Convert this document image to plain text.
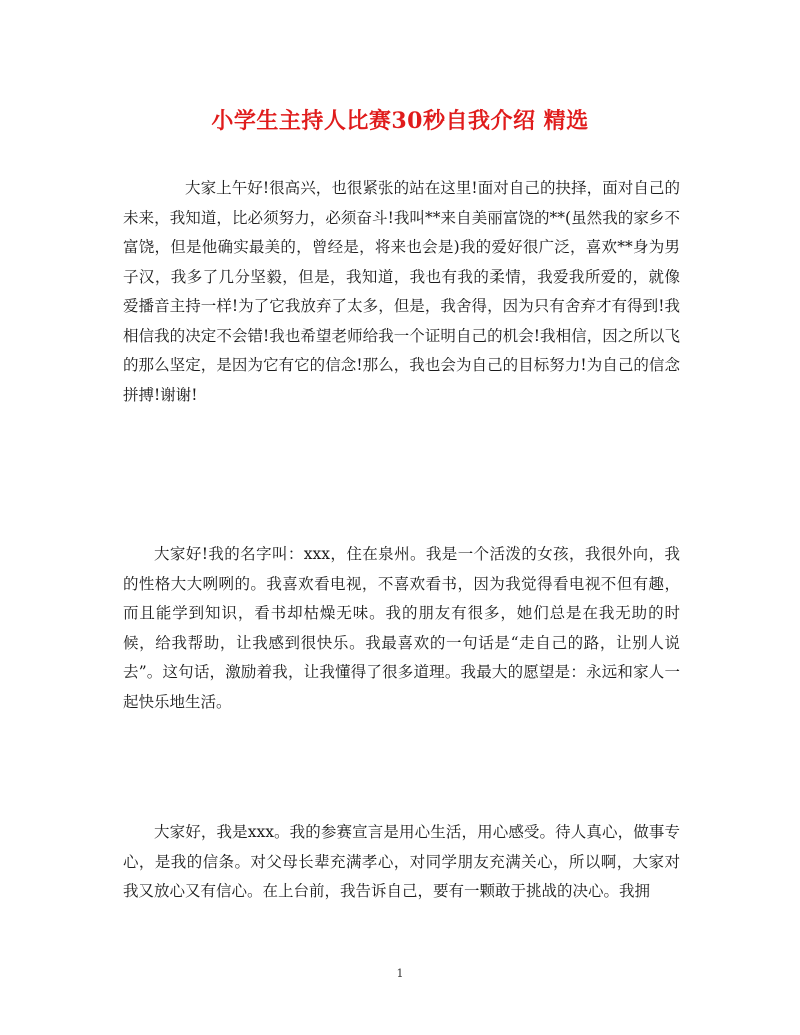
小学生主持人比赛30秒自我介绍 精选

大家上午好!很高兴，也很紧张的站在这里!面对自己的抉择，面对自己的未来，我知道，比必须努力，必须奋斗!我叫**来自美丽富饶的**(虽然我的家乡不富饶，但是他确实最美的，曾经是，将来也会是)我的爱好很广泛，喜欢**身为男子汉，我多了几分坚毅，但是，我知道，我也有我的柔情，我爱我所爱的，就像爱播音主持一样!为了它我放弃了太多，但是，我舍得，因为只有舍弃才有得到!我相信我的决定不会错!我也希望老师给我一个证明自己的机会!我相信，因之所以飞的那么坚定，是因为它有它的信念!那么，我也会为自己的目标努力!为自己的信念拼搏!谢谢!

大家好!我的名字叫：xxx，住在泉州。我是一个活泼的女孩，我很外向，我的性格大大咧咧的。我喜欢看电视，不喜欢看书，因为我觉得看电视不但有趣，而且能学到知识，看书却枯燥无味。我的朋友有很多，她们总是在我无助的时候，给我帮助，让我感到很快乐。我最喜欢的一句话是“走自己的路，让别人说去”。这句话，激励着我，让我懂得了很多道理。我最大的愿望是：永远和家人一起快乐地生活。

大家好，我是xxx。我的参赛宣言是用心生活，用心感受。待人真心，做事专心，是我的信条。对父母长辈充满孝心，对同学朋友充满关心，所以啊，大家对我又放心又有信心。在上台前，我告诉自己，要有一颗敢于挑战的决心。我拥

1
